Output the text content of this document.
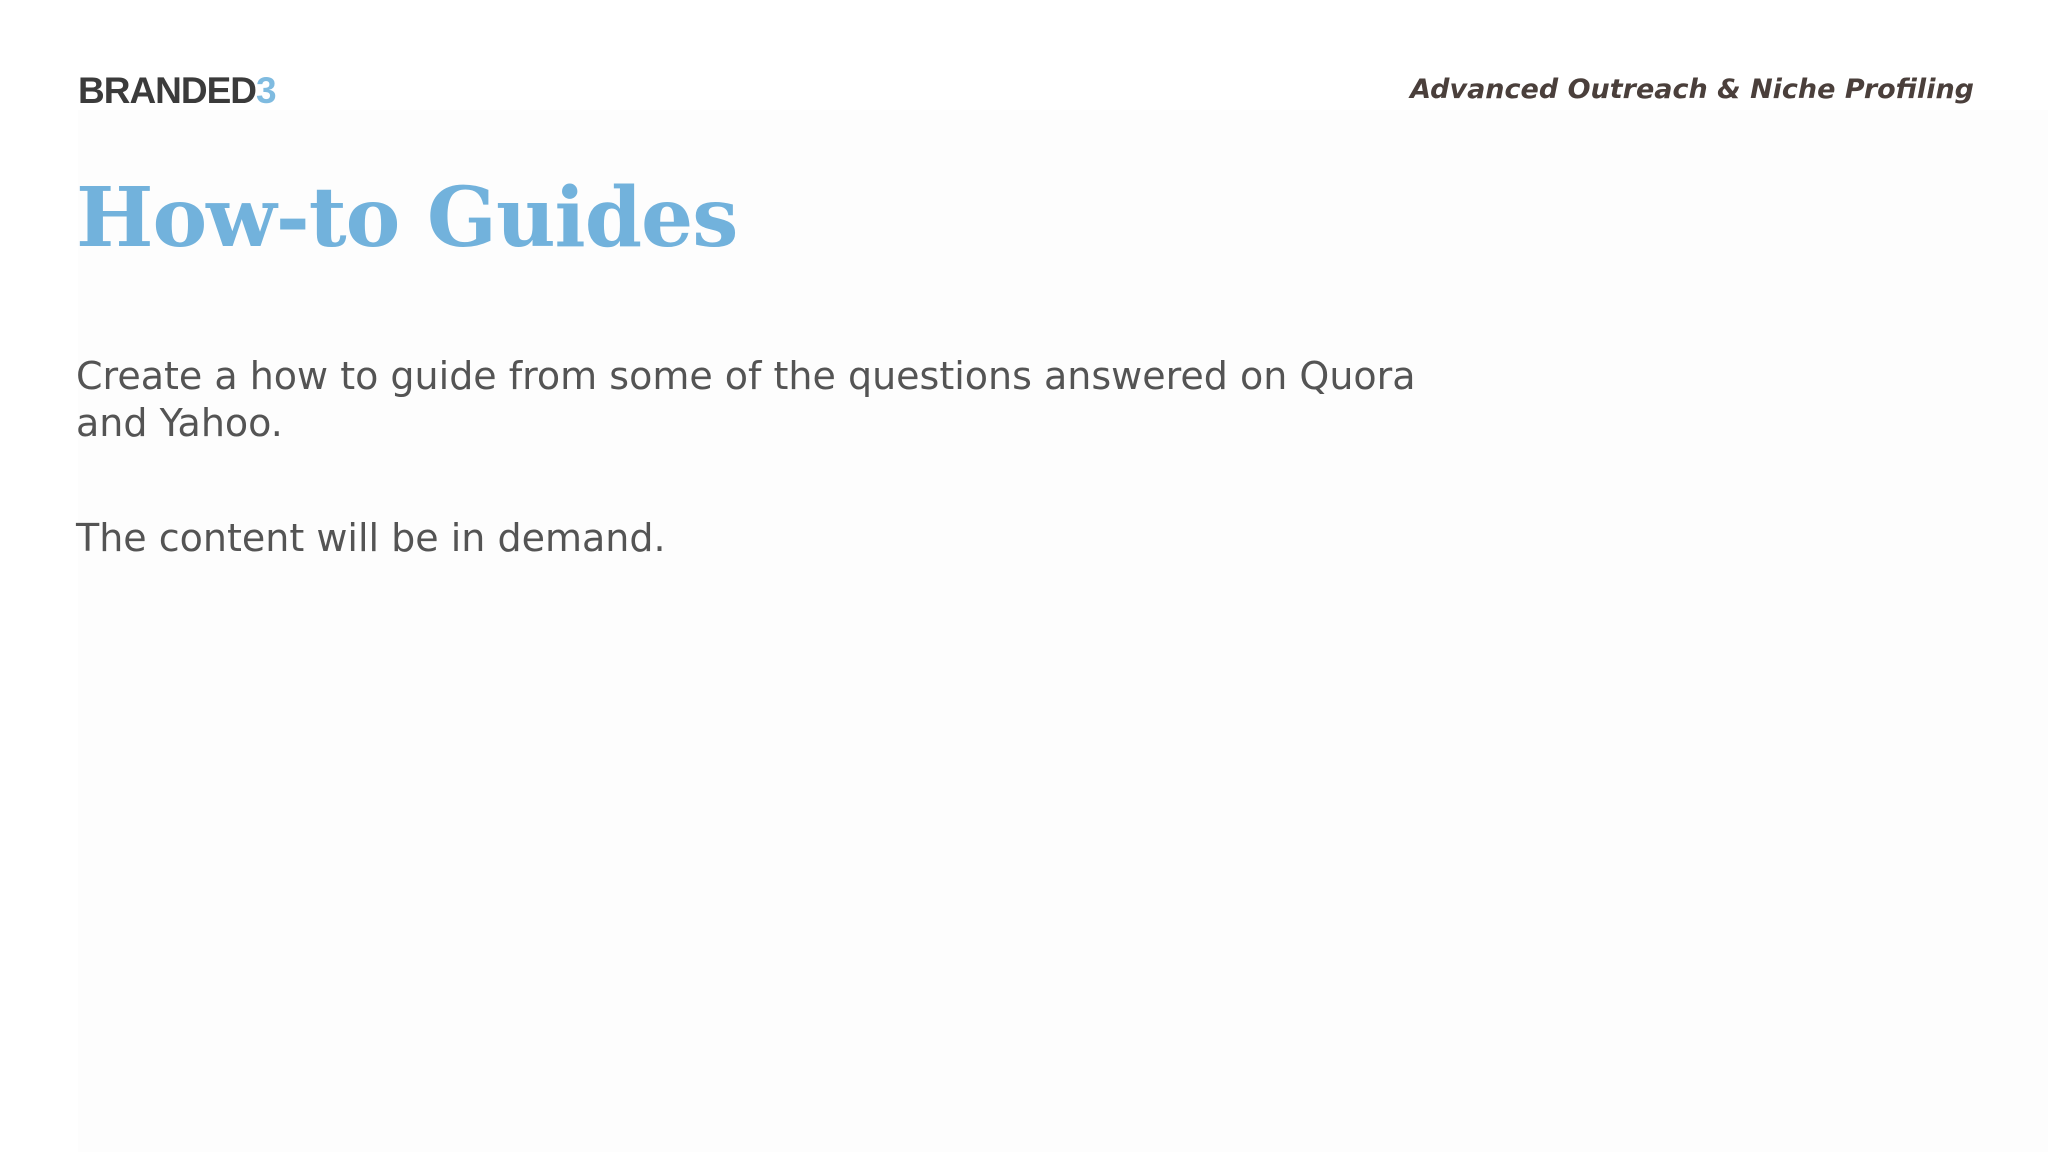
BRANDED3	Advanced Outreach & Niche Profiling
How-to Guides

Create a how to guide from some of the questions answered on Quora and Yahoo.

The content will be in demand.
